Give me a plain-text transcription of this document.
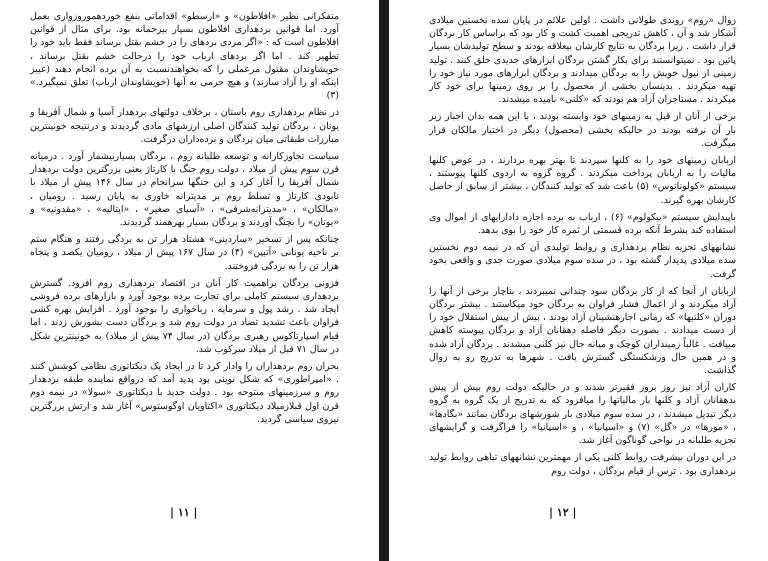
متفکرانی نظیر «افلاطون» و «ارسطو» اقداماتی بنفع خوردهموروزواری بعمل آورد. اما قوانین بردهداری افلاطون بسیار بیرحمانه بود. برای مثال از قوانین افلاطون است که : «اگر مردی بردهای را در خشم بقتل برساند فقط باید خود را تطهیر کند . اما اگر بردهای ارباب خود را درحالت خشم بقتل برساند ، خویشاوندان مقتول مرعملی را که بخواهندنسبت به آن برده انجام دهند (عیبز اینکه او را آزاد سازند) و هیچ جرمی به آنها (خویشاوندان ارباب) تعلق نمیگیرد.» (۳)

در نظام بردهداری روم باستان ، برخلاف دولتهای بردهدار آسیا و شمال آفریقا و یونان ، بردگان تولید کنندگان اصلی ارزشهای مادی گردیدند و درنتیجه خونینترین مبارزات طبقاتی میان بردگان و برده‌داران درگرفت.

سیاست تجاوزکارانه و توسعه طلبانه روم ، بردگان بسیاربیشمار آورد . درمیانه قرن سوم پیش از میلاد ، دولت روم جنگ با کارتاژ یعنی بزرگترین دولت بردهدار شمال آفریقا را آغاز کرد و این جنگها سرانجام در سال ۱۴۶ پیش از میلاد با نابودی کارتاژ و تسلط روم بر مدیترانه خاوری به پایان رسید . رومیان ، «مالکان» ، «مدیترانه‌شرقی» ، «آسیای صغیر» ، «ایتالیه» ، «مقدونیه» و «یونان» را بچنگ آوردند و بردگان بسیار بهرهمند گردیدند.

چنانکه پس از تسخیر «ساردینی» هشتاد هزار تن به بردگی رفتند و هنگام ستم بر ناحیه یونانی «آتیپن» (۴) در سال ۱۶۷ پیش از میلاد ، رومیان یکصد و پنجاه هزار تن را به بردگی فروختند.

فزونی بردگان براهمیت کار آنان در اقتصاد بردهداری روم افزود. گسترش بردهداری سیستم کاملی برای تجارت برده بوجود آورد و بازارهای برده فروشی ایجاد شد . رشد پول و سرمایه ، رباخواری را بوجود آورد . افزایش بهره کشی فراوان باعث تشدید تضاد در دولت روم شد و بردگان دست بشورش زدند . اما قیام اسپارتاکوس رهبری بردگان (در سال ۷۴ پیش از میلاد) به خونینترین شکل در سال ۷۱ قبل از میلاد سرکوب شد.

بحران روم بردهداران را وادار کرد تا در ایجاد یک دیکتاتوری نظامی کوشش کنند . «امپراطوری» که شکل نوینی بود پدید آمد که درواقع نماینده طبقه بردهدار روم و سرزمینهای منتوحه بود . دولت جدید با دیکتاتوری «سولا» در نیمه دوم قرن اول قبلازمیلاد دیکتاتوری «اکتاویان اوگوستوس» آغاز شد و ارتش بزرگترین نیروی سیاسی گردید.

| ۱۱ |

زوال «روم» روندی طولانی داشت . اولین علائم در پایان سده نخستین میلادی آشکار شد و آن ، کاهش تدریجی اهمیت کشت و کار بود که براساس کار بردگان قرار داشت . زیرا بردگان به نتایج کارشان بیعلاقه بودند و سطح تولیدشان بسیار پائین بود . نمیتوانستند برای بکار گشتن بردگان ابزارهای جدیدی خلق کنند . تولید زمینی از نیول خویش را به بردگان میدادند و بردگان ابزارهای مورد نیاز خود را تهیه میکردند . بدینسان بخشی از محصول را بر روی زمینها برای خود کار میکردند . مستاجران آزاد هم بودند که «کلنی» نامیده میشدند.

برخی از آنان از قبل به زمینهای خود وابسته بودند ، با این همه بدان اجبار زیر بار آن نرفته بودند در حالیکه بخشی (محصول) دیگر در اختیار مالکان قرار میگرفت.

اربابان زمینهای خود را به کلنها سپردند تا بهتر بهره بردارند ، در عوض کلنها مالیات را به اربابان پرداخت میکردند . گروه گروه به اردوی کلنها پیوستند ، سیستم «کولوناتوس» (۵) باعث شد که تولید کنندگان ، بیشتر از سابق از حاصل کارشان بهره گیرند.

باپیدایش سیستم «بیکولوم» (۶) ، ارباب به برده اجازه دادارایهای از اموال وی استفاده کند بشرط آنکه برده قسمتی از ثمره کار خود را بوی بدهد.

نشانههای تجزیه نظام بردهداری و روابط تولیدی آن که در نیمه دوم نخستین سده میلادی پدیدار گشته بود ، در سده سوم میلادی صورت جدی و واقعی بخود گرفت.

اربابان از آنجا که از کار بردگان سود چندانی نمیبردند ، بناچار برخی از آنها را آزاد میکردند و از اعمال فشار فراوان به بردگان خود میکاستند . بیشتر بردگان دوران «کلنیها» که زمانی اجارهنشینان آزاد بودند ، بیش از پیش استقلال خود را از دست میدادند . بصورت دیگر فاصله دهقانان آزاد و بردگان پیوسته کاهش مییافت . غالباً زمینداران کوچک و میانه حال نیز کلنی میشدند . بردگان آزاد شده و در همین حال ورشکستگی گسترش یافت . شهرها به تدریج رو به زوال گذاشت.

کاران آزاد نیز روز بروز فقیرتر شدند و در حالیکه دولت روم بیش از پیش بدهقانان آزاد و کلنها بار مالیاتها را میافزود که به تدریج از یک گروه به گروه دیگر تبدیل میشدند ، در سده سوم میلادی بار شورشهای بردگان بمانند «بگادها» ، «مورها» در «گل» (۷) و «اسپانیا» ، و «اسپانیا» را فراگرفت و گرایشهای تجزیه طلبانه در نواحی گوناگون آغاز شد.

در این دوران بیشرفت روابط کلنی یکی از مهمترین نشانههای تباهی روابط تولید بردهداری بود . ترس از قیام بردگان ، دولت روم

| ۱۲ |
